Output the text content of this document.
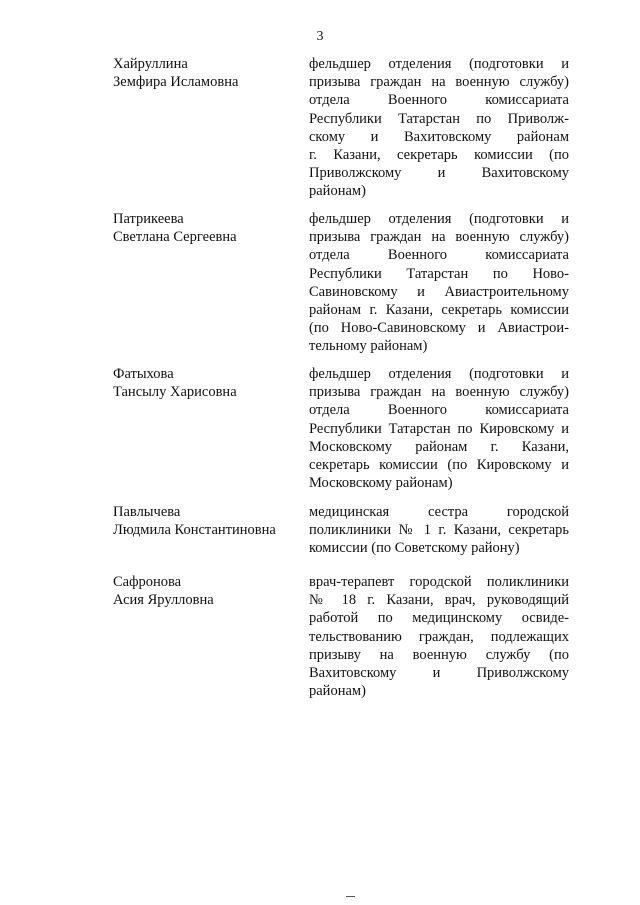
3
Хайруллина
Земфира Исламовна
фельдшер отделения (подготовки и
призыва граждан на военную службу)
отдела Военного комиссариата
Республики Татарстан по Приволж-
скому и Вахитовскому районам
г. Казани, секретарь комиссии (по
Приволжскому и Вахитовскому
районам)
Патрикеева
Светлана Сергеевна
фельдшер отделения (подготовки и
призыва граждан на военную службу)
отдела Военного комиссариата
Республики Татарстан по Ново-
Савиновскому и Авиастроительному
районам г. Казани, секретарь комиссии
(по Ново-Савиновскому и Авиастрои-
тельному районам)
Фатыхова
Тансылу Харисовна
фельдшер отделения (подготовки и
призыва граждан на военную службу)
отдела Военного комиссариата
Республики Татарстан по Кировскому и
Московскому районам г. Казани,
секретарь комиссии (по Кировскому и
Московскому районам)
Павлычева
Людмила Константиновна
медицинская сестра городской
поликлиники № 1 г. Казани, секретарь
комиссии (по Советскому району)
Сафронова
Асия Ярулловна
врач-терапевт городской поликлиники
№ 18 г. Казани, врач, руководящий
работой по медицинскому освиде-
тельствованию граждан, подлежащих
призыву на военную службу (по
Вахитовскому и Приволжскому
районам)
